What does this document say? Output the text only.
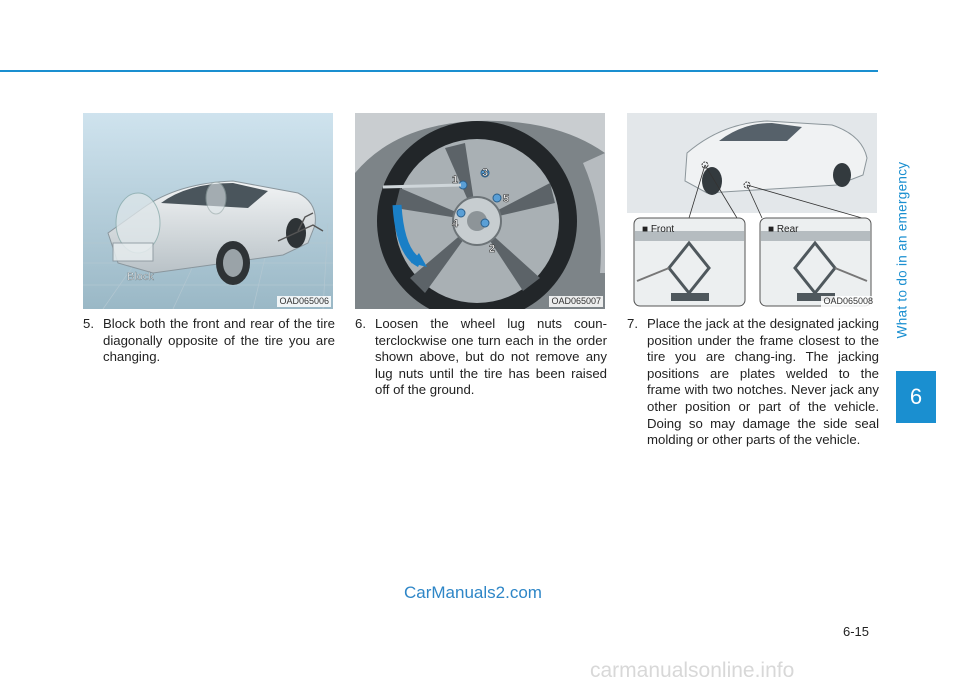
What to do in an emergency
6
Block
OAD065006
1
2
3
4
5
OAD065007
■ Front	■ Rear
OAD065008
5. Block both the front and rear of the tire diagonally opposite of the tire you are changing.
6. Loosen the wheel lug nuts coun-terclockwise one turn each in the order shown above, but do not remove any lug nuts until the tire has been raised off of the ground.
7. Place the jack at the designated jacking position under the frame closest to the tire you are chang-ing. The jacking positions are plates welded to the frame with two notches. Never jack any other position or part of the vehicle. Doing so may damage the side seal molding or other parts of the vehicle.
CarManuals2.com
6-15
carmanualsonline.info
